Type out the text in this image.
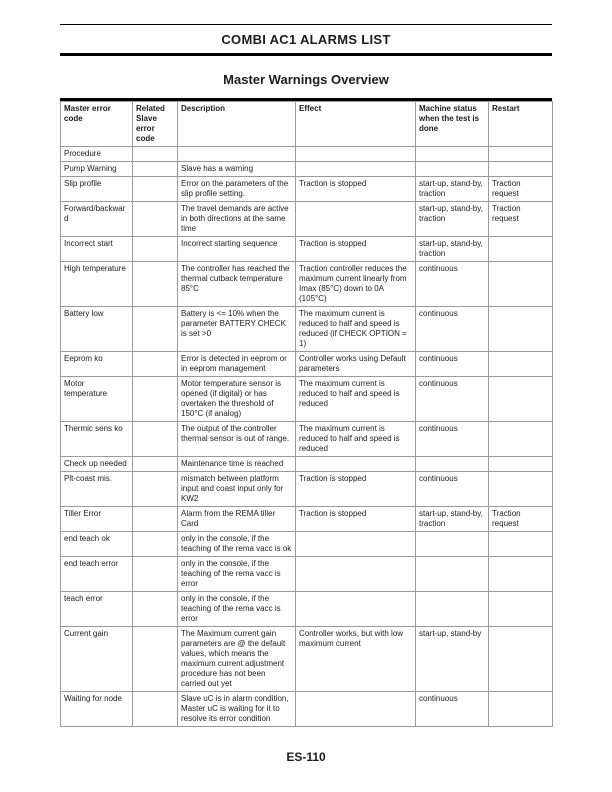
COMBI AC1 ALARMS LIST
Master Warnings Overview
Master error code	Related Slave error code	Description	Effect	Machine status when the test is done	Restart
Procedure					
Pump Warning		Slave has a warning			
Slip profile		Error on the parameters of the slip profile setting.	Traction is stopped	start-up, stand-by, traction	Traction request
Forward/backward		The travel demands are active in both directions at the same time		start-up, stand-by, traction	Traction request
Incorrect start		Incorrect starting sequence	Traction is stopped	start-up, stand-by, traction	
High temperature		The controller has reached the thermal cutback temperature 85°C	Traction controller reduces the maximum current linearly from Imax (85°C) down to 0A (105°C)	continuous	
Battery low		Battery is <= 10% when the parameter BATTERY CHECK is set >0	The maximum current is reduced to half and speed is reduced (if CHECK OPTION = 1)	continuous	
Eeprom ko		Error is detected in eeprom or in eeprom management	Controller works using Default parameters	continuous	
Motor temperature		Motor temperature sensor is opened (if digital) or has overtaken the threshold of 150°C (if analog)	The maximum current is reduced to half and speed is reduced	continuous	
Thermic sens ko		The output of the controller thermal sensor is out of range.	The maximum current is reduced to half and speed is reduced	continuous	
Check up needed		Maintenance time is reached			
Plt-coast mis.		mismatch between platform input and coast input only for KW2	Traction is stopped	continuous	
Tiller Error		Alarm from the REMA tiller Card	Traction is stopped	start-up, stand-by, traction	Traction request
end teach ok		only in the console, if the teaching of the rema vacc is ok			
end teach error		only in the console, if the teaching of the rema vacc is error			
teach error		only in the console, if the teaching of the rema vacc is error			
Current gain		The Maximum current gain parameters are @ the default values, which means the maximum current adjustment procedure has not been carried out yet	Controller works, but with low maximum current	start-up, stand-by	
Waiting for node		Slave uC is in alarm condition, Master uC is waiting for it to resolve its error condition		continuous	
ES-110
